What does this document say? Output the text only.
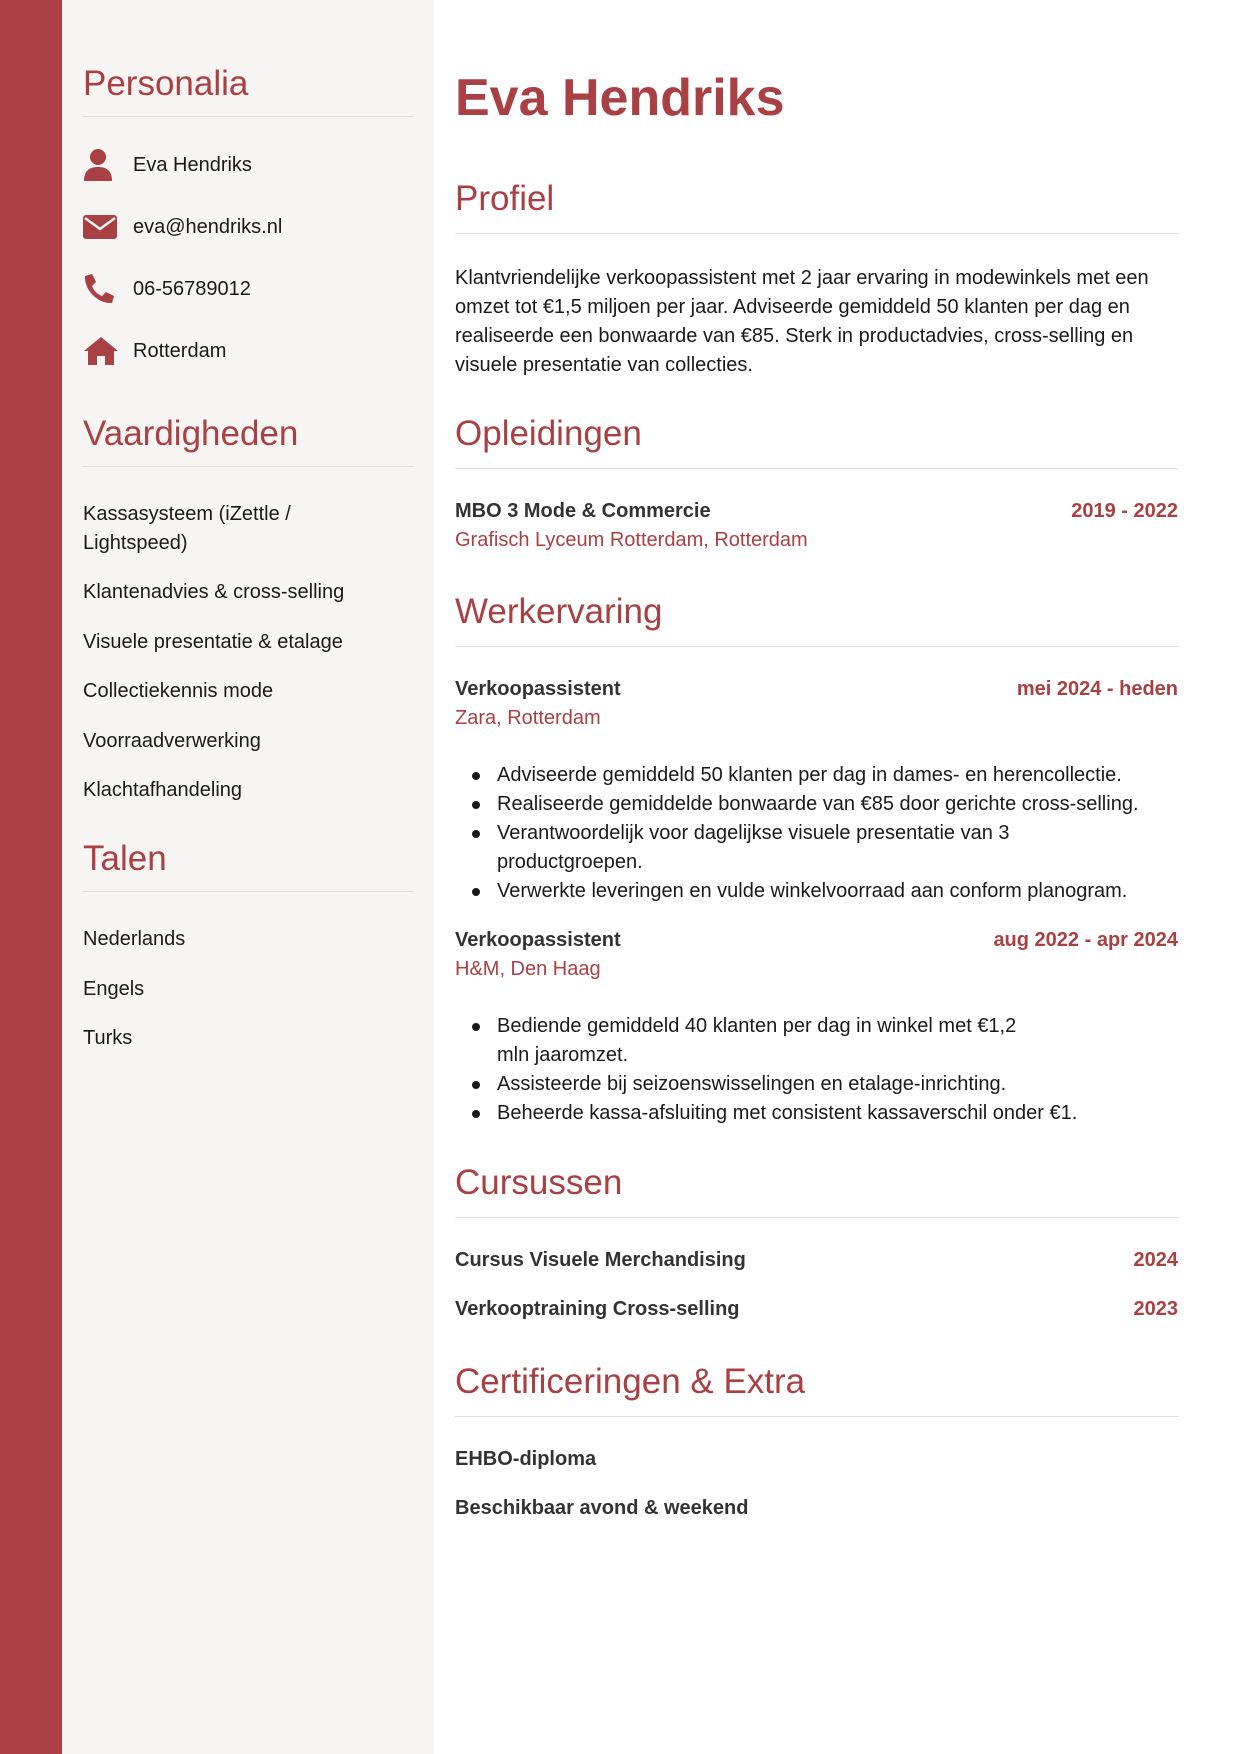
Personalia
Eva Hendriks
eva@hendriks.nl
06-56789012
Rotterdam
Vaardigheden
Kassasysteem (iZettle / Lightspeed)
Klantenadvies & cross-selling
Visuele presentatie & etalage
Collectiekennis mode
Voorraadverwerking
Klachtafhandeling
Talen
Nederlands
Engels
Turks
Eva Hendriks
Profiel
Klantvriendelijke verkoopassistent met 2 jaar ervaring in modewinkels met een omzet tot €1,5 miljoen per jaar. Adviseerde gemiddeld 50 klanten per dag en realiseerde een bonwaarde van €85. Sterk in productadvies, cross-selling en visuele presentatie van collecties.
Opleidingen
MBO 3 Mode & Commercie	2019 - 2022
Grafisch Lyceum Rotterdam, Rotterdam
Werkervaring
Verkoopassistent	mei 2024 - heden
Zara, Rotterdam
Adviseerde gemiddeld 50 klanten per dag in dames- en herencollectie.
Realiseerde gemiddelde bonwaarde van €85 door gerichte cross-selling.
Verantwoordelijk voor dagelijkse visuele presentatie van 3 productgroepen.
Verwerkte leveringen en vulde winkelvoorraad aan conform planogram.
Verkoopassistent	aug 2022 - apr 2024
H&M, Den Haag
Bediende gemiddeld 40 klanten per dag in winkel met €1,2 mln jaaromzet.
Assisteerde bij seizoenswisselingen en etalage-inrichting.
Beheerde kassa-afsluiting met consistent kassaverschil onder €1.
Cursussen
Cursus Visuele Merchandising	2024
Verkooptraining Cross-selling	2023
Certificeringen & Extra
EHBO-diploma
Beschikbaar avond & weekend
